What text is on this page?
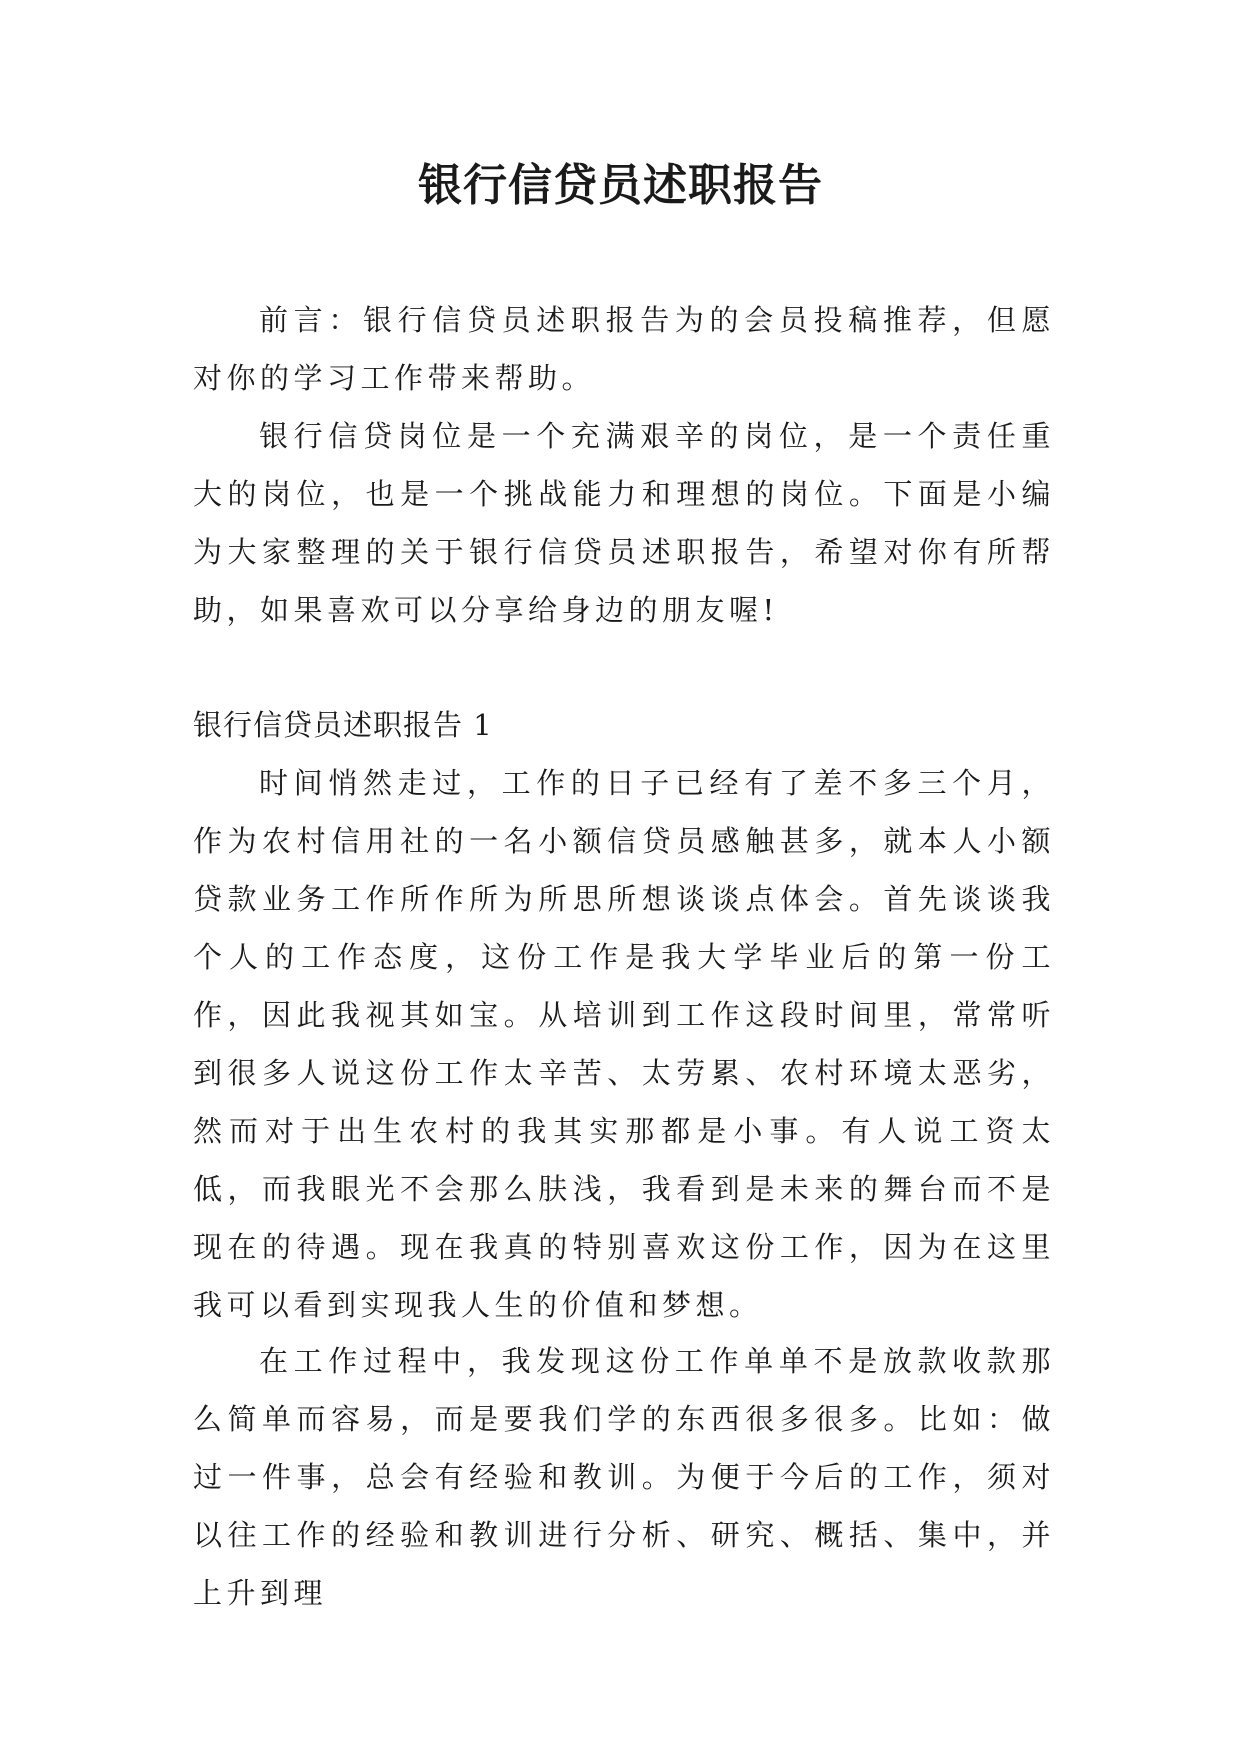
银行信贷员述职报告

前言：银行信贷员述职报告为的会员投稿推荐，但愿对你的学习工作带来帮助。

银行信贷岗位是一个充满艰辛的岗位，是一个责任重大的岗位，也是一个挑战能力和理想的岗位。下面是小编为大家整理的关于银行信贷员述职报告，希望对你有所帮助，如果喜欢可以分享给身边的朋友喔!

银行信贷员述职报告 1

时间悄然走过，工作的日子已经有了差不多三个月，作为农村信用社的一名小额信贷员感触甚多，就本人小额贷款业务工作所作所为所思所想谈谈点体会。首先谈谈我个人的工作态度，这份工作是我大学毕业后的第一份工作，因此我视其如宝。从培训到工作这段时间里，常常听到很多人说这份工作太辛苦、太劳累、农村环境太恶劣，然而对于出生农村的我其实那都是小事。有人说工资太低，而我眼光不会那么肤浅，我看到是未来的舞台而不是现在的待遇。现在我真的特别喜欢这份工作，因为在这里我可以看到实现我人生的价值和梦想。

在工作过程中，我发现这份工作单单不是放款收款那么简单而容易，而是要我们学的东西很多很多。比如：做过一件事，总会有经验和教训。为便于今后的工作，须对以往工作的经验和教训进行分析、研究、概括、集中，并上升到理
